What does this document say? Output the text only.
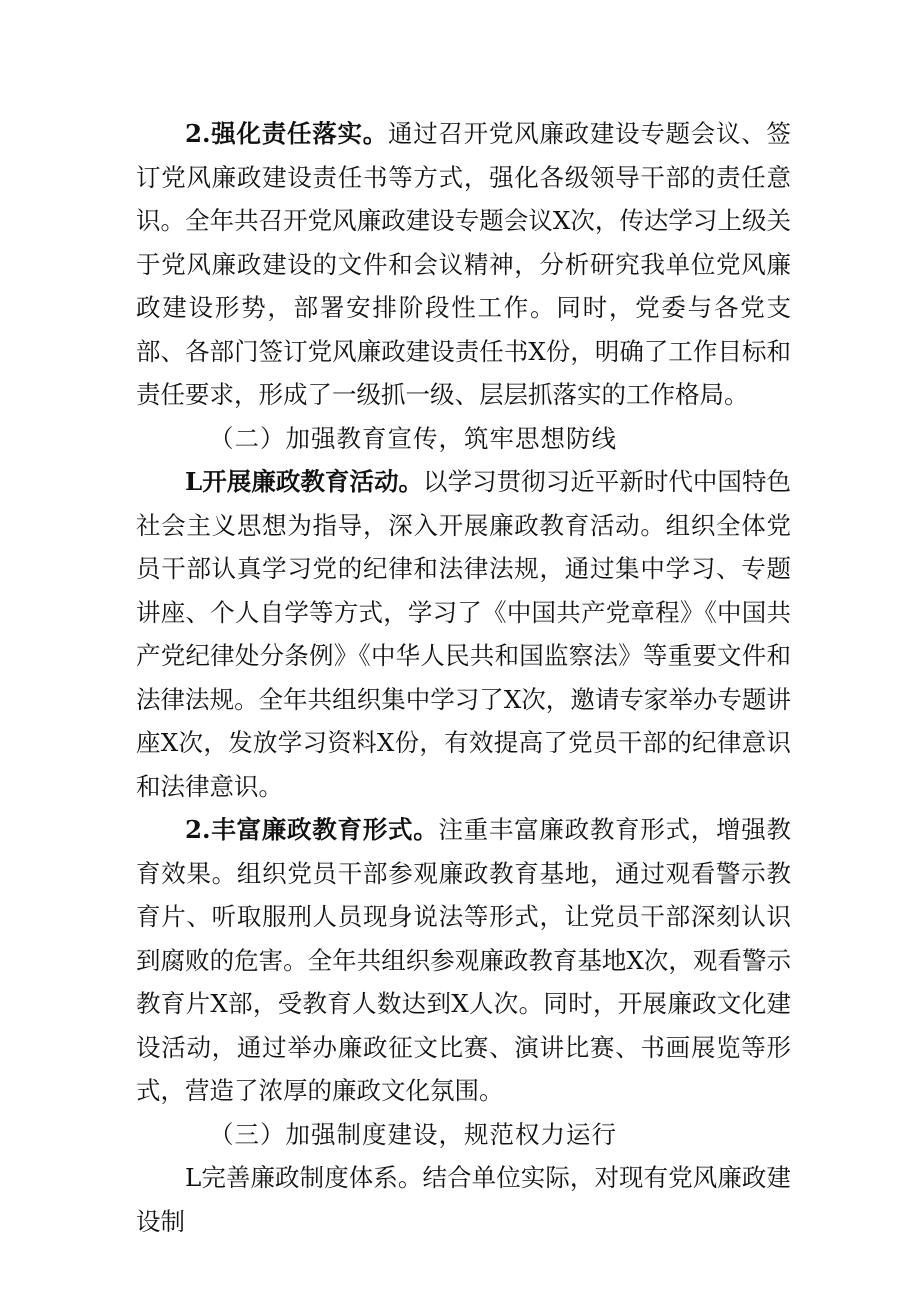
2.强化责任落实。通过召开党风廉政建设专题会议、签订党风廉政建设责任书等方式，强化各级领导干部的责任意识。全年共召开党风廉政建设专题会议X次，传达学习上级关于党风廉政建设的文件和会议精神，分析研究我单位党风廉政建设形势，部署安排阶段性工作。同时，党委与各党支部、各部门签订党风廉政建设责任书X份，明确了工作目标和责任要求，形成了一级抓一级、层层抓落实的工作格局。

（二）加强教育宣传，筑牢思想防线

L开展廉政教育活动。以学习贯彻习近平新时代中国特色社会主义思想为指导，深入开展廉政教育活动。组织全体党员干部认真学习党的纪律和法律法规，通过集中学习、专题讲座、个人自学等方式，学习了《中国共产党章程》《中国共产党纪律处分条例》《中华人民共和国监察法》等重要文件和法律法规。全年共组织集中学习了X次，邀请专家举办专题讲座X次，发放学习资料X份，有效提高了党员干部的纪律意识和法律意识。

2.丰富廉政教育形式。注重丰富廉政教育形式，增强教育效果。组织党员干部参观廉政教育基地，通过观看警示教育片、听取服刑人员现身说法等形式，让党员干部深刻认识到腐败的危害。全年共组织参观廉政教育基地X次，观看警示教育片X部，受教育人数达到X人次。同时，开展廉政文化建设活动，通过举办廉政征文比赛、演讲比赛、书画展览等形式，营造了浓厚的廉政文化氛围。

（三）加强制度建设，规范权力运行

L完善廉政制度体系。结合单位实际，对现有党风廉政建设制
